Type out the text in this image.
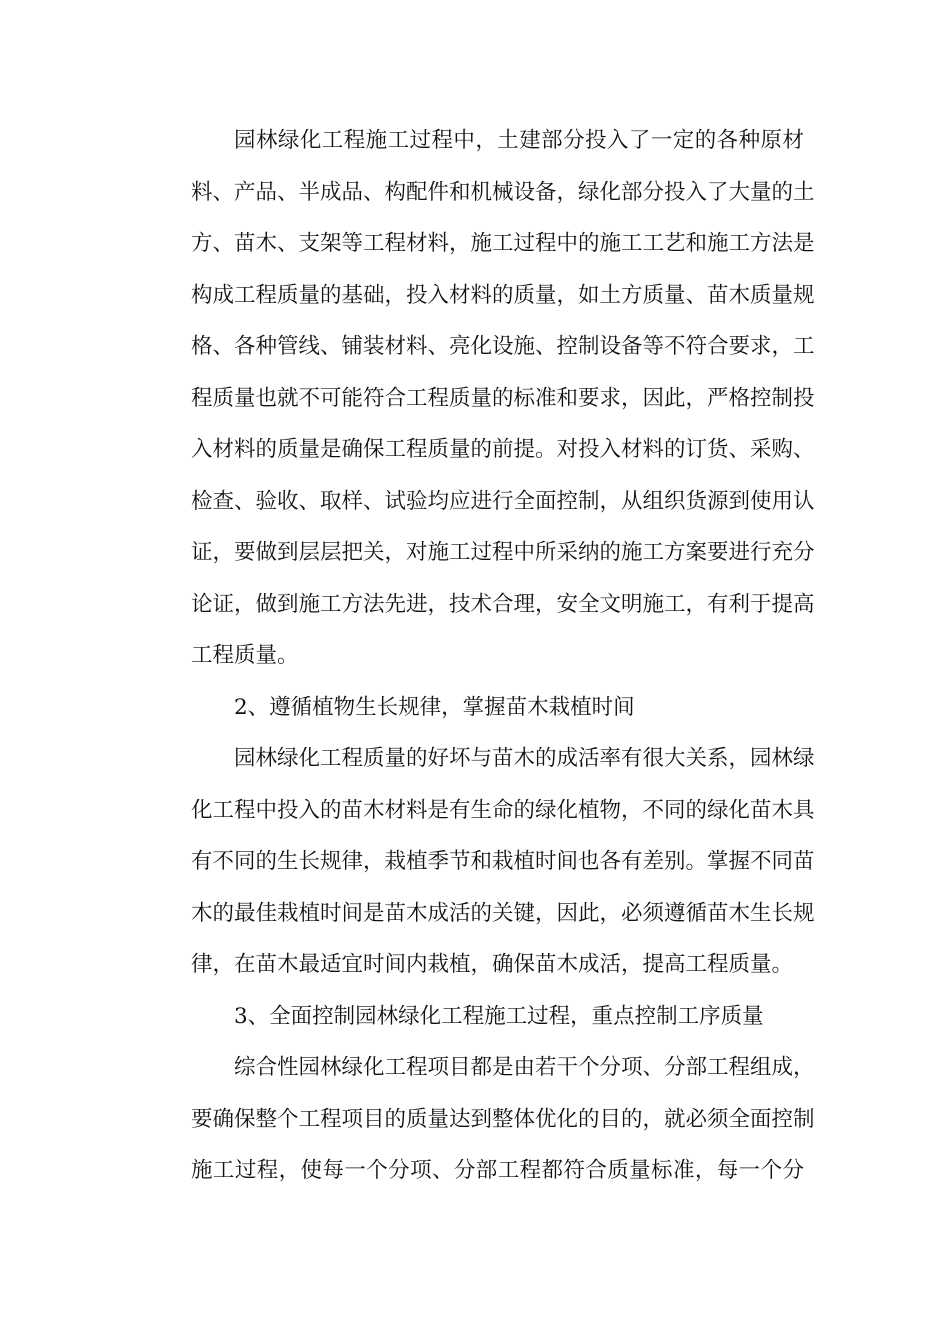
园林绿化工程施工过程中，土建部分投入了一定的各种原材
料、产品、半成品、构配件和机械设备，绿化部分投入了大量的土
方、苗木、支架等工程材料，施工过程中的施工工艺和施工方法是
构成工程质量的基础，投入材料的质量，如土方质量、苗木质量规
格、各种管线、铺装材料、亮化设施、控制设备等不符合要求，工
程质量也就不可能符合工程质量的标准和要求，因此，严格控制投
入材料的质量是确保工程质量的前提。对投入材料的订货、采购、
检查、验收、取样、试验均应进行全面控制，从组织货源到使用认
证，要做到层层把关，对施工过程中所采纳的施工方案要进行充分
论证，做到施工方法先进，技术合理，安全文明施工，有利于提高
工程质量。
2、遵循植物生长规律，掌握苗木栽植时间
园林绿化工程质量的好坏与苗木的成活率有很大关系，园林绿
化工程中投入的苗木材料是有生命的绿化植物，不同的绿化苗木具
有不同的生长规律，栽植季节和栽植时间也各有差别。掌握不同苗
木的最佳栽植时间是苗木成活的关键，因此，必须遵循苗木生长规
律，在苗木最适宜时间内栽植，确保苗木成活，提高工程质量。
3、全面控制园林绿化工程施工过程，重点控制工序质量
综合性园林绿化工程项目都是由若干个分项、分部工程组成，
要确保整个工程项目的质量达到整体优化的目的，就必须全面控制
施工过程，使每一个分项、分部工程都符合质量标准，每一个分
